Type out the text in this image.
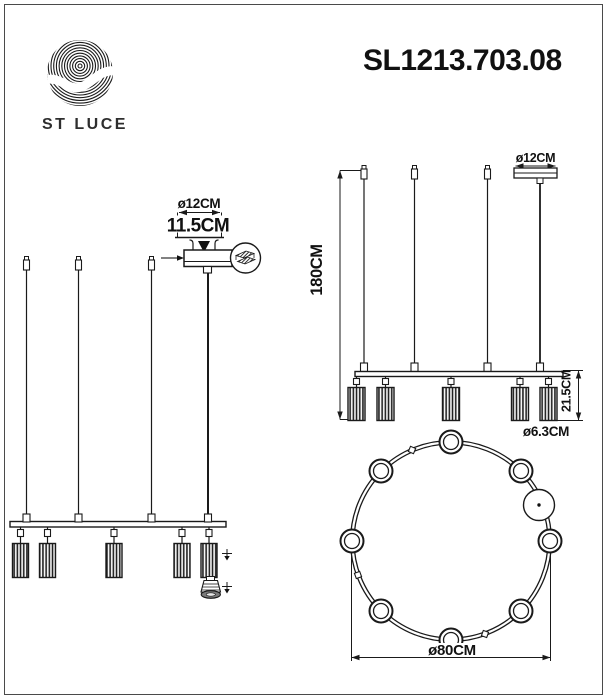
ST LUCE
SL1213.703.08
ø12CM
11.5CM
180CM
ø12CM
21.5CM
ø6.3CM
ø80CM
